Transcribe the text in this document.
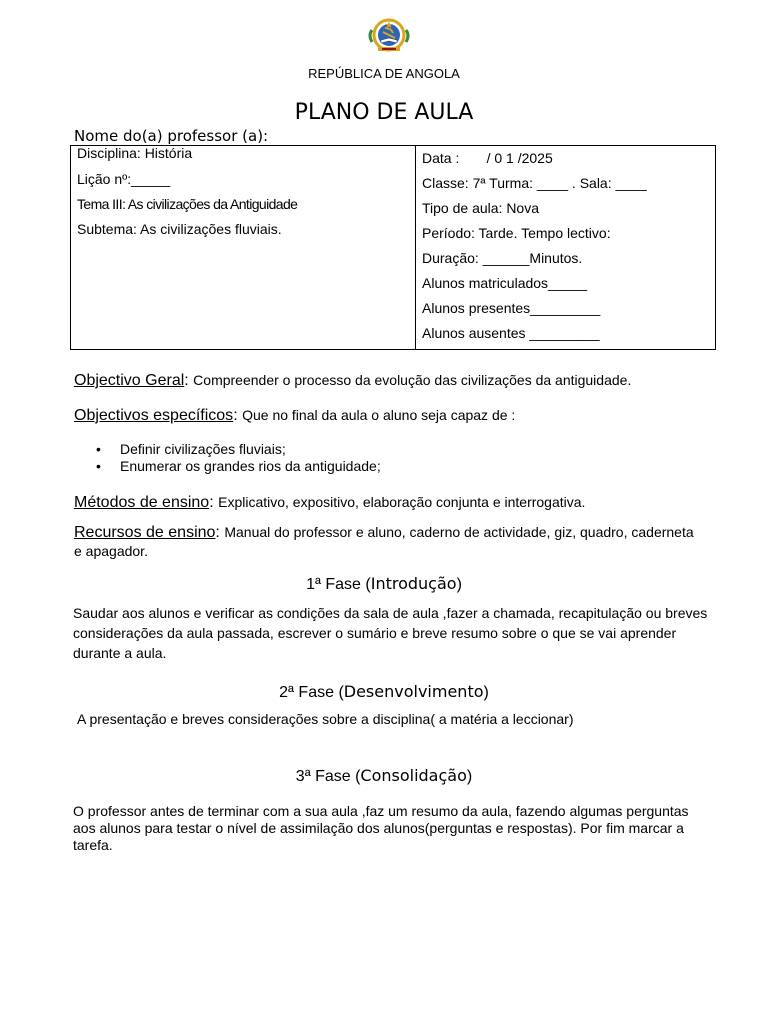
REPÚBLICA DE ANGOLA
PLANO DE AULA
Nome do(a) professor (a):
Disciplina: História
Lição nº:_____
Tema III: As civilizações da Antiguidade
Subtema: As civilizações fluviais.

Data :       / 0 1 /2025
Classe: 7ª Turma: ____ . Sala: ____
Tipo de aula: Nova
Período: Tarde. Tempo lectivo:
Duração: ______Minutos.
Alunos matriculados_____
Alunos presentes_________
Alunos ausentes _________
Objectivo Geral: Compreender o processo da evolução das civilizações da antiguidade.
Objectivos específicos: Que no final da aula o aluno seja capaz de :
• Definir civilizações fluviais;
• Enumerar os grandes rios da antiguidade;
Métodos de ensino: Explicativo, expositivo, elaboração conjunta e interrogativa.
Recursos de ensino: Manual do professor e aluno, caderno de actividade, giz, quadro, caderneta e apagador.
1ª Fase (Introdução)
Saudar aos alunos e verificar as condições da sala de aula ,fazer a chamada, recapitulação ou breves considerações da aula passada, escrever o sumário e breve resumo sobre o que se vai aprender durante a aula.
2ª Fase (Desenvolvimento)
A presentação e breves considerações sobre a disciplina( a matéria a leccionar)
3ª Fase (Consolidação)
O professor antes de terminar com a sua aula ,faz um resumo da aula, fazendo algumas perguntas aos alunos para testar o nível de assimilação dos alunos(perguntas e respostas). Por fim marcar a tarefa.
